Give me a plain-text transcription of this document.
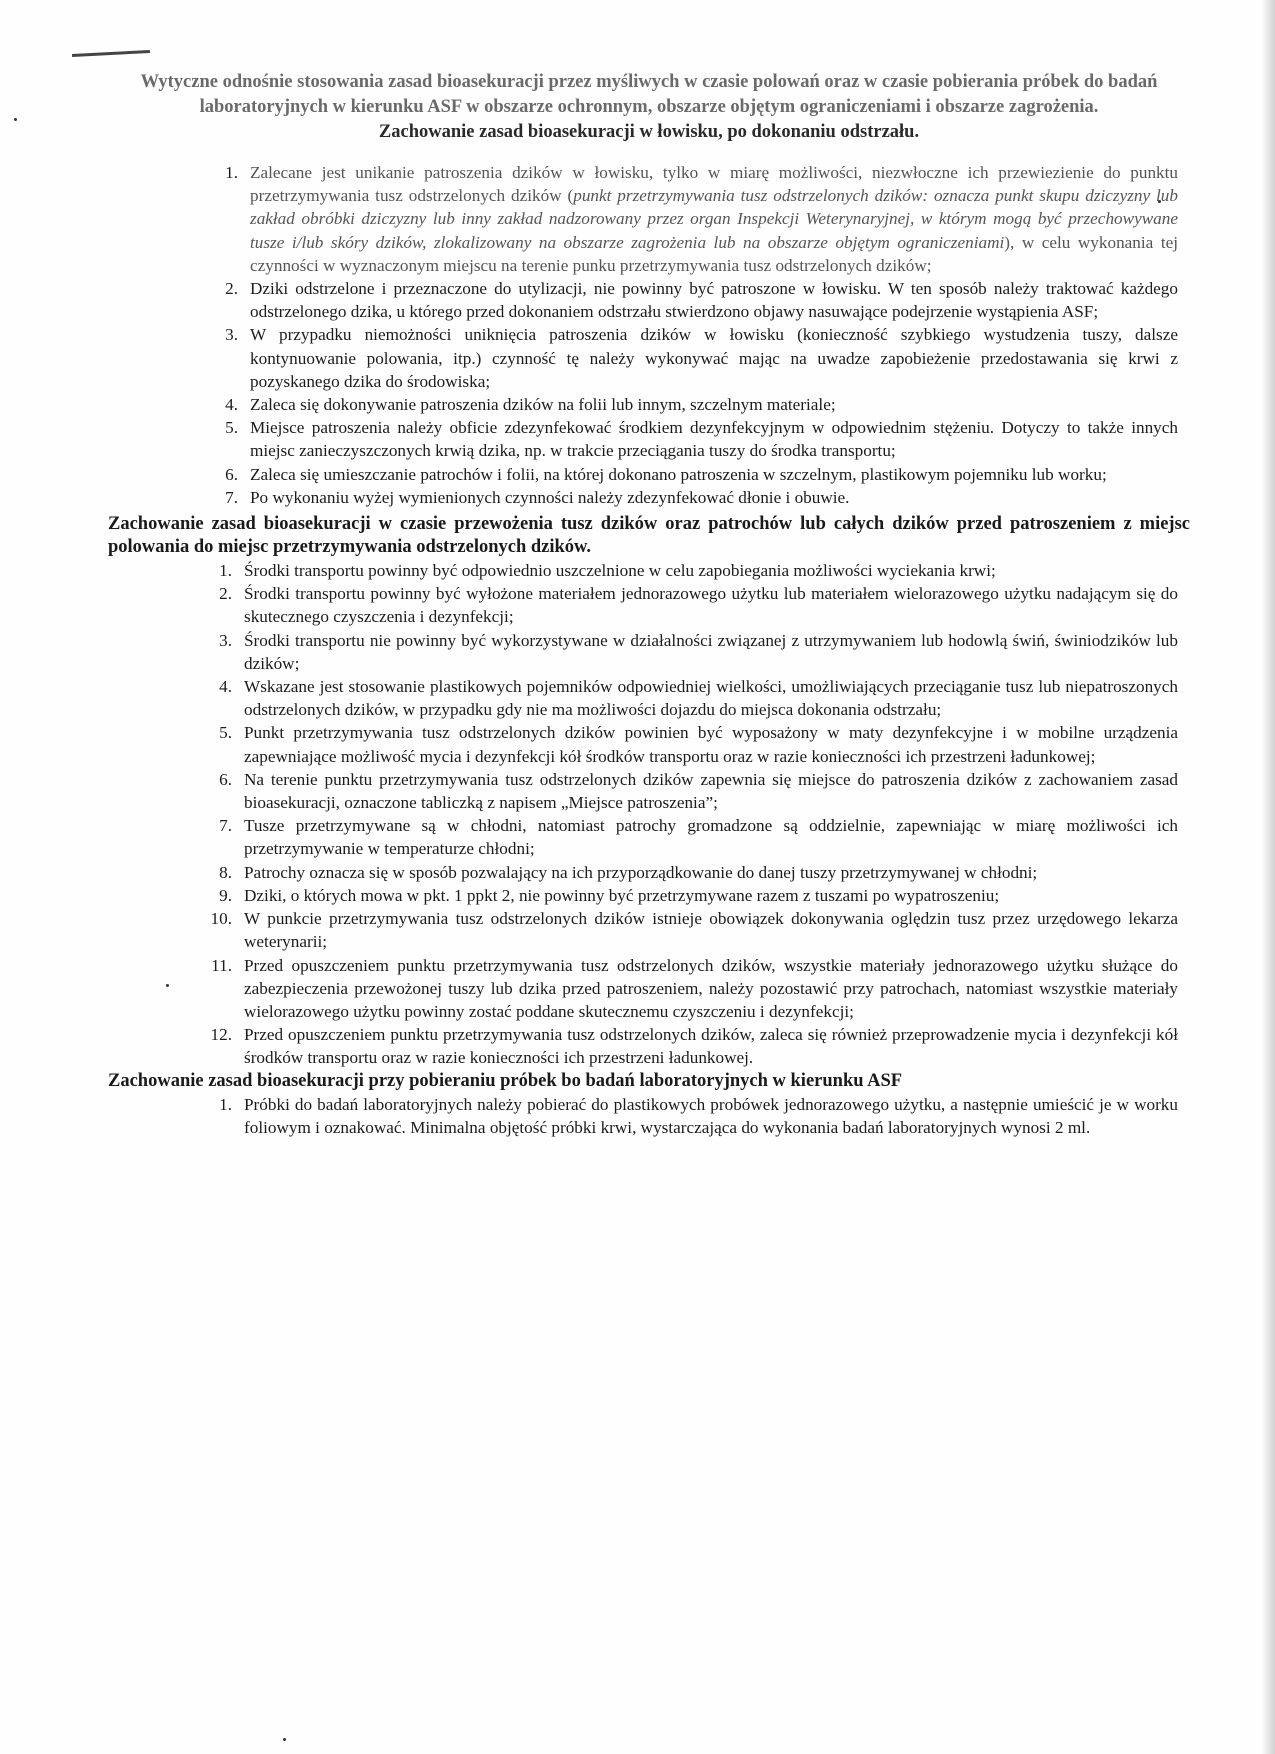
Wytyczne odnośnie stosowania zasad bioasekuracji przez myśliwych w czasie polowań oraz w czasie pobierania próbek do badań laboratoryjnych w kierunku ASF w obszarze ochronnym, obszarze objętym ograniczeniami i obszarze zagrożenia.
Zachowanie zasad bioasekuracji w łowisku, po dokonaniu odstrzału.
1. Zalecane jest unikanie patroszenia dzików w łowisku, tylko w miarę możliwości, niezwłoczne ich przewiezienie do punktu przetrzymywania tusz odstrzelonych dzików (punkt przetrzymywania tusz odstrzelonych dzików: oznacza punkt skupu dziczyzny lub zakład obróbki dziczyzny lub inny zakład nadzorowany przez organ Inspekcji Weterynaryjnej, w którym mogą być przechowywane tusze i/lub skóry dzików, zlokalizowany na obszarze zagrożenia lub na obszarze objętym ograniczeniami), w celu wykonania tej czynności w wyznaczonym miejscu na terenie punku przetrzymywania tusz odstrzelonych dzików;
2. Dziki odstrzelone i przeznaczone do utylizacji, nie powinny być patroszone w łowisku. W ten sposób należy traktować każdego odstrzelonego dzika, u którego przed dokonaniem odstrzału stwierdzono objawy nasuwające podejrzenie wystąpienia ASF;
3. W przypadku niemożności uniknięcia patroszenia dzików w łowisku (konieczność szybkiego wystudzenia tuszy, dalsze kontynuowanie polowania, itp.) czynność tę należy wykonywać mając na uwadze zapobieżenie przedostawania się krwi z pozyskanego dzika do środowiska;
4. Zaleca się dokonywanie patroszenia dzików na folii lub innym, szczelnym materiale;
5. Miejsce patroszenia należy obficie zdezynfekować środkiem dezynfekcyjnym w odpowiednim stężeniu. Dotyczy to także innych miejsc zanieczyszczonych krwią dzika, np. w trakcie przeciągania tuszy do środka transportu;
6. Zaleca się umieszczanie patrochów i folii, na której dokonano patroszenia w szczelnym, plastikowym pojemniku lub worku;
7. Po wykonaniu wyżej wymienionych czynności należy zdezynfekować dłonie i obuwie.
Zachowanie zasad bioasekuracji w czasie przewożenia tusz dzików oraz patrochów lub całych dzików przed patroszeniem z miejsc polowania do miejsc przetrzymywania odstrzelonych dzików.
1. Środki transportu powinny być odpowiednio uszczelnione w celu zapobiegania możliwości wyciekania krwi;
2. Środki transportu powinny być wyłożone materiałem jednorazowego użytku lub materiałem wielorazowego użytku nadającym się do skutecznego czyszczenia i dezynfekcji;
3. Środki transportu nie powinny być wykorzystywane w działalności związanej z utrzymywaniem lub hodowlą świń, świniodzików lub dzików;
4. Wskazane jest stosowanie plastikowych pojemników odpowiedniej wielkości, umożliwiających przeciąganie tusz lub niepatroszonych odstrzelonych dzików, w przypadku gdy nie ma możliwości dojazdu do miejsca dokonania odstrzału;
5. Punkt przetrzymywania tusz odstrzelonych dzików powinien być wyposażony w maty dezynfekcyjne i w mobilne urządzenia zapewniające możliwość mycia i dezynfekcji kół środków transportu oraz w razie konieczności ich przestrzeni ładunkowej;
6. Na terenie punktu przetrzymywania tusz odstrzelonych dzików zapewnia się miejsce do patroszenia dzików z zachowaniem zasad bioasekuracji, oznaczone tabliczką z napisem „Miejsce patroszenia”;
7. Tusze przetrzymywane są w chłodni, natomiast patrochy gromadzone są oddzielnie, zapewniając w miarę możliwości ich przetrzymywanie w temperaturze chłodni;
8. Patrochy oznacza się w sposób pozwalający na ich przyporządkowanie do danej tuszy przetrzymywanej w chłodni;
9. Dziki, o których mowa w pkt. 1 ppkt 2, nie powinny być przetrzymywane razem z tuszami po wypatroszeniu;
10. W punkcie przetrzymywania tusz odstrzelonych dzików istnieje obowiązek dokonywania oględzin tusz przez urzędowego lekarza weterynarii;
11. Przed opuszczeniem punktu przetrzymywania tusz odstrzelonych dzików, wszystkie materiały jednorazowego użytku służące do zabezpieczenia przewożonej tuszy lub dzika przed patroszeniem, należy pozostawić przy patrochach, natomiast wszystkie materiały wielorazowego użytku powinny zostać poddane skutecznemu czyszczeniu i dezynfekcji;
12. Przed opuszczeniem punktu przetrzymywania tusz odstrzelonych dzików, zaleca się również przeprowadzenie mycia i dezynfekcji kół środków transportu oraz w razie konieczności ich przestrzeni ładunkowej.
Zachowanie zasad bioasekuracji przy pobieraniu próbek bo badań laboratoryjnych w kierunku ASF
1. Próbki do badań laboratoryjnych należy pobierać do plastikowych probówek jednorazowego użytku, a następnie umieścić je w worku foliowym i oznakować. Minimalna objętość próbki krwi, wystarczająca do wykonania badań laboratoryjnych wynosi 2 ml.
